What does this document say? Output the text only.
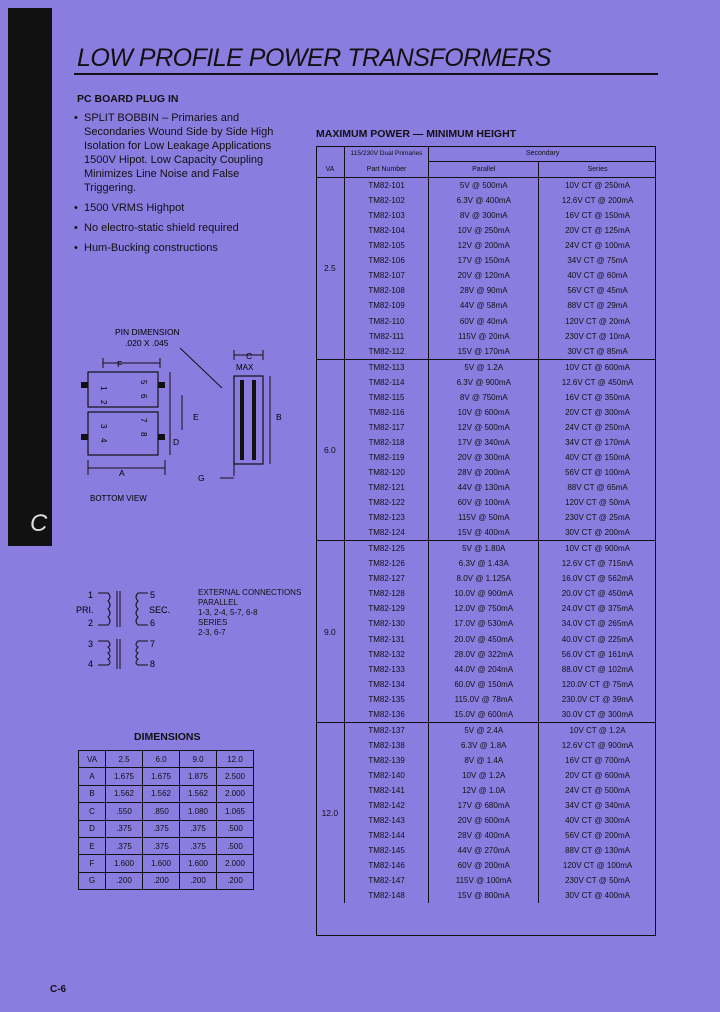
C
LOW PROFILE POWER TRANSFORMERS
PC BOARD PLUG IN
• SPLIT BOBBIN – Primaries and Secondaries Wound Side by Side High Isolation for Low Leakage Applications 1500V Hipot. Low Capacity Coupling Minimizes Line Noise and False Triggering.
• 1500 VRMS Highpot
• No electro-static shield required
• Hum-Bucking constructions
MAXIMUM POWER — MINIMUM HEIGHT
	115/230V Dual Primaries	Secondary	
VA	Part Number	Parallel	Series
2.5	TM82-101	5V @ 500mA	10V CT @ 250mA
	TM82-102	6.3V @ 400mA	12.6V CT @ 200mA
	TM82-103	8V @ 300mA	16V CT @ 150mA
	TM82-104	10V @ 250mA	20V CT @ 125mA
	TM82-105	12V @ 200mA	24V CT @ 100mA
	TM82-106	17V @ 150mA	34V CT @ 75mA
	TM82-107	20V @ 120mA	40V CT @ 60mA
	TM82-108	28V @ 90mA	56V CT @ 45mA
	TM82-109	44V @ 58mA	88V CT @ 29mA
	TM82-110	60V @ 40mA	120V CT @ 20mA
	TM82-111	115V @ 20mA	230V CT @ 10mA
	TM82-112	15V @ 170mA	30V CT @ 85mA
6.0	TM82-113	5V @ 1.2A	10V CT @ 600mA
	TM82-114	6.3V @ 900mA	12.6V CT @ 450mA
	TM82-115	8V @ 750mA	16V CT @ 350mA
	TM82-116	10V @ 600mA	20V CT @ 300mA
	TM82-117	12V @ 500mA	24V CT @ 250mA
	TM82-118	17V @ 340mA	34V CT @ 170mA
	TM82-119	20V @ 300mA	40V CT @ 150mA
	TM82-120	28V @ 200mA	56V CT @ 100mA
	TM82-121	44V @ 130mA	88V CT @ 65mA
	TM82-122	60V @ 100mA	120V CT @ 50mA
	TM82-123	115V @ 50mA	230V CT @ 25mA
	TM82-124	15V @ 400mA	30V CT @ 200mA
9.0	TM82-125	5V @ 1.80A	10V CT @ 900mA
	TM82-126	6.3V @ 1.43A	12.6V CT @ 715mA
	TM82-127	8.0V @ 1.125A	16.0V CT @ 562mA
	TM82-128	10.0V @ 900mA	20.0V CT @ 450mA
	TM82-129	12.0V @ 750mA	24.0V CT @ 375mA
	TM82-130	17.0V @ 530mA	34.0V CT @ 265mA
	TM82-131	20.0V @ 450mA	40.0V CT @ 225mA
	TM82-132	28.0V @ 322mA	56.0V CT @ 161mA
	TM82-133	44.0V @ 204mA	88.0V CT @ 102mA
	TM82-134	60.0V @ 150mA	120.0V CT @ 75mA
	TM82-135	115.0V @ 78mA	230.0V CT @ 39mA
	TM82-136	15.0V @ 600mA	30.0V CT @ 300mA
12.0	TM82-137	5V @ 2.4A	10V CT @ 1.2A
	TM82-138	6.3V @ 1.8A	12.6V CT @ 900mA
	TM82-139	8V @ 1.4A	16V CT @ 700mA
	TM82-140	10V @ 1.2A	20V CT @ 600mA
	TM82-141	12V @ 1.0A	24V CT @ 500mA
	TM82-142	17V @ 680mA	34V CT @ 340mA
	TM82-143	20V @ 600mA	40V CT @ 300mA
	TM82-144	28V @ 400mA	56V CT @ 200mA
	TM82-145	44V @ 270mA	88V CT @ 130mA
	TM82-146	60V @ 200mA	120V CT @ 100mA
	TM82-147	115V @ 100mA	230V CT @ 50mA
	TM82-148	15V @ 800mA	30V CT @ 400mA
PIN DIMENSION
.020 X .045
F
1
2
3
4
5
6
7
8
D
E
A
BOTTOM VIEW
C
MAX
G
B
1
2
3
4
5
6
7
8
PRI.	SEC.
EXTERNAL CONNECTIONS
PARALLEL
1-3, 2-4, 5-7, 6-8
SERIES
2-3, 6-7
DIMENSIONS
VA	2.5	6.0	9.0	12.0
A	1.675	1.675	1.875	2.500
B	1.562	1.562	1.562	2.000
C	.550	.850	1.080	1.065
D	.375	.375	.375	.500
E	.375	.375	.375	.500
F	1.600	1.600	1.600	2.000
G	.200	.200	.200	.200
C-6
